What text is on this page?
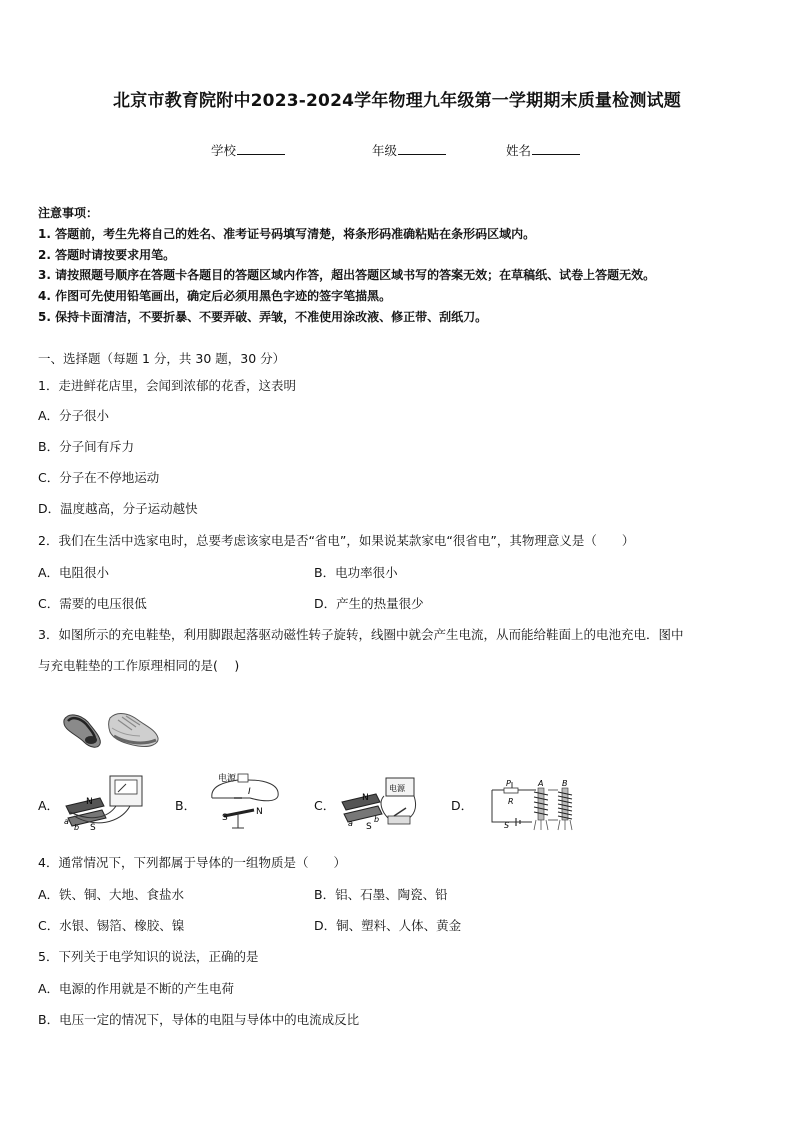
北京市教育院附中2023-2024学年物理九年级第一学期期末质量检测试题
学校	年级	姓名
注意事项：
1. 答题前，考生先将自己的姓名、准考证号码填写清楚，将条形码准确粘贴在条形码区域内。
2. 答题时请按要求用笔。
3. 请按照题号顺序在答题卡各题目的答题区域内作答，超出答题区域书写的答案无效；在草稿纸、试卷上答题无效。
4. 作图可先使用铅笔画出，确定后必须用黑色字迹的签字笔描黑。
5. 保持卡面清洁，不要折暴、不要弄破、弄皱，不准使用涂改液、修正带、刮纸刀。
一、选择题（每题 1 分，共 30 题，30 分）
1．走进鲜花店里，会闻到浓郁的花香，这表明
A．分子很小
B．分子间有斥力
C．分子在不停地运动
D．温度越高，分子运动越快
2．我们在生活中选家电时，总要考虑该家电是否“省电”，如果说某款家电“很省电”，其物理意义是（　　）
A．电阻很小	B．电功率很小
C．需要的电压很低	D．产生的热量很少
3．如图所示的充电鞋垫，利用脚跟起落驱动磁性转子旋转，线圈中就会产生电流，从而能给鞋面上的电池充电．图中
与充电鞋垫的工作原理相同的是(　 )
A．	B．	C．	D．
N
S
a
b
电源
I
S
N
电源
N
S
a	b
P
R
S
A B
4．通常情况下，下列都属于导体的一组物质是（　　）
A．铁、铜、大地、食盐水	B．铝、石墨、陶瓷、铅
C．水银、锡箔、橡胶、镍	D．铜、塑料、人体、黄金
5．下列关于电学知识的说法，正确的是
A．电源的作用就是不断的产生电荷
B．电压一定的情况下，导体的电阻与导体中的电流成反比
